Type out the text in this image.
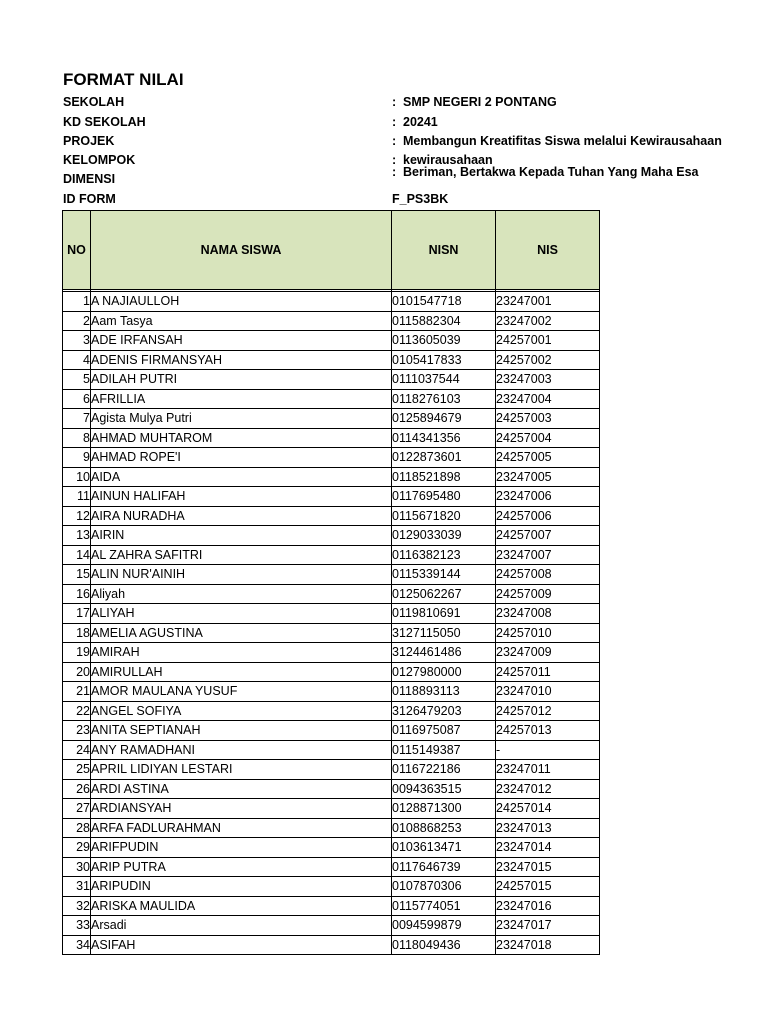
FORMAT NILAI
SEKOLAH	: SMP NEGERI 2 PONTANG
KD SEKOLAH	: 20241
PROJEK	: Membangun Kreatifitas Siswa melalui Kewirausahaan
KELOMPOK	: kewirausahaan
DIMENSI	: Beriman, Bertakwa Kepada Tuhan Yang Maha Esa
ID FORM	F_PS3BK
NO	NAMA SISWA	NISN	NIS

1	A NAJIAULLOH	0101547718	23247001
2	Aam Tasya	0115882304	23247002
3	ADE IRFANSAH	0113605039	24257001
4	ADENIS FIRMANSYAH	0105417833	24257002
5	ADILAH PUTRI	0111037544	23247003
6	AFRILLIA	0118276103	23247004
7	Agista Mulya Putri	0125894679	24257003
8	AHMAD MUHTAROM	0114341356	24257004
9	AHMAD ROPE'I	0122873601	24257005
10	AIDA	0118521898	23247005
11	AINUN HALIFAH	0117695480	23247006
12	AIRA NURADHA	0115671820	24257006
13	AIRIN	0129033039	24257007
14	AL ZAHRA SAFITRI	0116382123	23247007
15	ALIN NUR'AINIH	0115339144	24257008
16	Aliyah	0125062267	24257009
17	ALIYAH	0119810691	23247008
18	AMELIA AGUSTINA	3127115050	24257010
19	AMIRAH	3124461486	23247009
20	AMIRULLAH	0127980000	24257011
21	AMOR MAULANA YUSUF	0118893113	23247010
22	ANGEL SOFIYA	3126479203	24257012
23	ANITA SEPTIANAH	0116975087	24257013
24	ANY RAMADHANI	0115149387	-
25	APRIL LIDIYAN LESTARI	0116722186	23247011
26	ARDI ASTINA	0094363515	23247012
27	ARDIANSYAH	0128871300	24257014
28	ARFA FADLURAHMAN	0108868253	23247013
29	ARIFPUDIN	0103613471	23247014
30	ARIP PUTRA	0117646739	23247015
31	ARIPUDIN	0107870306	24257015
32	ARISKA MAULIDA	0115774051	23247016
33	Arsadi	0094599879	23247017
34	ASIFAH	0118049436	23247018
